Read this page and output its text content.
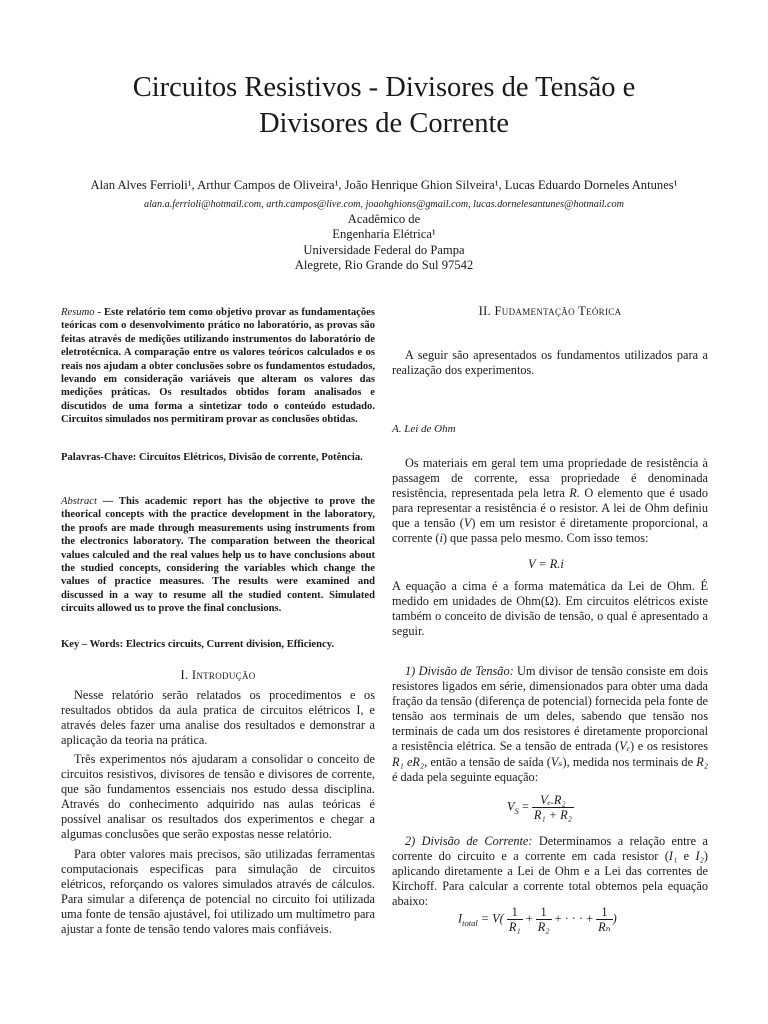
Circuitos Resistivos - Divisores de Tensão e
Divisores de Corrente
Alan Alves Ferrioli¹, Arthur Campos de Oliveira¹, João Henrique Ghion Silveira¹, Lucas Eduardo Dorneles Antunes¹
alan.a.ferrioli@hotmail.com, arth.campos@live.com, joaohghions@gmail.com, lucas.dornelesantunes@hotmail.com
Acadêmico de
Engenharia Elétrica¹
Universidade Federal do Pampa
Alegrete, Rio Grande do Sul 97542
Resumo - Este relatório tem como objetivo provar as fundamentações teóricas com o desenvolvimento prático no laboratório, as provas são feitas através de medições utilizando instrumentos do laboratório de eletrotécnica. A comparação entre os valores teóricos calculados e os reais nos ajudam a obter conclusões sobre os fundamentos estudados, levando em consideração variáveis que alteram os valores das medições práticas. Os resultados obtidos foram analisados e discutidos de uma forma a sintetizar todo o conteúdo estudado. Circuitos simulados nos permitiram provar as conclusões obtidas.
Palavras-Chave: Circuitos Elétricos, Divisão de corrente, Potência.
Abstract — This academic report has the objective to prove the theorical concepts with the practice development in the laboratory, the proofs are made through measurements using instruments from the electronics laboratory. The comparation between the theorical values calculed and the real values help us to have conclusions about the studied concepts, considering the variables which change the values of practice measures. The results were examined and discussed in a way to resume all the studied content. Simulated circuits allowed us to prove the final conclusions.
Key – Words: Electrics circuits, Current division, Efficiency.
I. Introdução
Nesse relatório serão relatados os procedimentos e os resultados obtidos da aula pratica de circuitos elétricos I, e através deles fazer uma analise dos resultados e demonstrar a aplicação da teoria na prática.
Três experimentos nós ajudaram a consolidar o conceito de circuitos resistivos, divisores de tensão e divisores de corrente, que são fundamentos essenciais nos estudo dessa disciplina. Através do conhecimento adquirido nas aulas teóricas é possível analisar os resultados dos experimentos e chegar a algumas conclusões que serão expostas nesse relatório.
Para obter valores mais precisos, são utilizadas ferramentas computacionais especificas para simulação de circuitos elétricos, reforçando os valores simulados através de cálculos. Para simular a diferença de potencial no circuito foi utilizada uma fonte de tensão ajustável, foi utilizado um multímetro para ajustar a fonte de tensão tendo valores mais confiáveis.
II. Fudamentação Teórica
A seguir são apresentados os fundamentos utilizados para a realização dos experimentos.
A. Lei de Ohm
Os materiais em geral tem uma propriedade de resistência à passagem de corrente, essa propriedade é denominada resistência, representada pela letra R. O elemento que é usado para representar a resistência é o resistor. A lei de Ohm definiu que a tensão (V) em um resistor é diretamente proporcional, a corrente (i) que passa pelo mesmo. Com isso temos:
V = R.i
A equação a cima é a forma matemática da Lei de Ohm. É medido em unidades de Ohm(Ω). Em circuitos elétricos existe também o conceito de divisão de tensão, o qual é apresentado a seguir.
1) Divisão de Tensão: Um divisor de tensão consiste em dois resistores ligados em série, dimensionados para obter uma dada fração da tensão (diferença de potencial) fornecida pela fonte de tensão aos terminais de um deles, sabendo que tensão nos terminais de cada um dos resistores é diretamente proporcional a resistência elétrica. Se a tensão de entrada (Vₑ) e os resistores R₁ eR₂, então a tensão de saída (Vₛ), medida nos terminais de R₂ é dada pela seguinte equação:
$V_S = \frac{\text{Vₑ.R₂}}{\text{R₁ + R₂}}$
2) Divisão de Corrente: Determinamos a relação entre a corrente do circuito e a corrente em cada resistor (I₁ e I₂) aplicando diretamente a Lei de Ohm e a Lei das correntes de Kirchoff. Para calcular a corrente total obtemos pela equação abaixo:
$I_{total} = V( \frac{1}{\text{R₁}} + \frac{1}{\text{R₂}}$ + · · · + $\frac{1}{\text{Rₙ}}$ )
